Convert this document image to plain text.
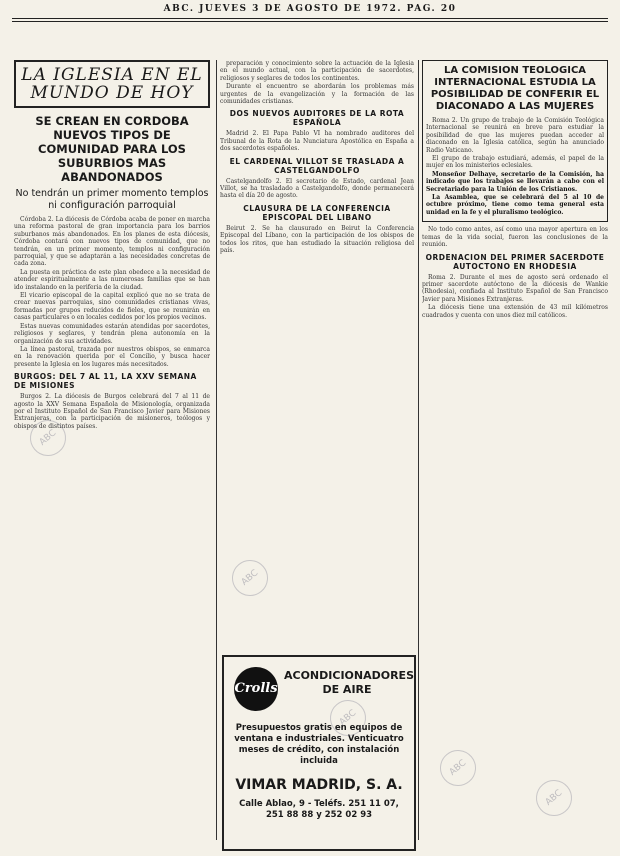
ABC. JUEVES 3 DE AGOSTO DE 1972. PAG. 20
LA IGLESIA EN EL MUNDO DE HOY
SE CREAN EN CORDOBA NUEVOS TIPOS DE COMUNIDAD PARA LOS SUBURBIOS MAS ABANDONADOS
No tendrán un primer momento templos ni configuración parroquial

Córdoba 2. La diócesis de Córdoba acaba de poner en marcha una reforma pastoral de gran importancia para los barrios suburbanos más abandonados. En los planes de esta diócesis, Córdoba contará con nuevos tipos de comunidad, que no tendrán, en un primer momento, templos ni configuración parroquial, y que se adaptarán a las necesidades concretas de cada zona.

La puesta en práctica de este plan obedece a la necesidad de atender espiritualmente a las numerosas familias que se han ido instalando en la periferia de la ciudad.

El vicario episcopal de la capital explicó que no se trata de crear nuevas parroquias, sino comunidades cristianas vivas, formadas por grupos reducidos de fieles, que se reunirán en casas particulares o en locales cedidos por los propios vecinos.

Estas nuevas comunidades estarán atendidas por sacerdotes, religiosos y seglares, y tendrán plena autonomía en la organización de sus actividades.

La línea pastoral, trazada por nuestros obispos, se enmarca en la renovación querida por el Concilio, y busca hacer presente la Iglesia en los lugares más necesitados.

BURGOS: DEL 7 AL 11, LA XXV SEMANA DE MISIONES

Burgos 2. La diócesis de Burgos celebrará del 7 al 11 de agosto la XXV Semana Española de Misionología, organizada por el Instituto Español de San Francisco Javier para Misiones Extranjeras, con la participación de misioneros, teólogos y obispos de distintos países.

preparación y conocimiento sobre la actuación de la Iglesia en el mundo actual, con la participación de sacerdotes, religiosos y seglares de todos los continentes.

Durante el encuentro se abordarán los problemas más urgentes de la evangelización y la formación de las comunidades cristianas.

DOS NUEVOS AUDITORES DE LA ROTA ESPAÑOLA

Madrid 2. El Papa Pablo VI ha nombrado auditores del Tribunal de la Rota de la Nunciatura Apostólica en España a dos sacerdotes españoles.

EL CARDENAL VILLOT SE TRASLADA A CASTELGANDOLFO

Castelgandolfo 2. El secretario de Estado, cardenal Jean Villot, se ha trasladado a Castelgandolfo, donde permanecerá hasta el día 20 de agosto.

CLAUSURA DE LA CONFERENCIA EPISCOPAL DEL LIBANO

Beirut 2. Se ha clausurado en Beirut la Conferencia Episcopal del Líbano, con la participación de los obispos de todos los ritos, que han estudiado la situación religiosa del país.

LA COMISION TEOLOGICA INTERNACIONAL ESTUDIA LA POSIBILIDAD DE CONFERIR EL DIACONADO A LAS MUJERES

Roma 2. Un grupo de trabajo de la Comisión Teológica Internacional se reunirá en breve para estudiar la posibilidad de que las mujeres puedan acceder al diaconado en la Iglesia católica, según ha anunciado Radio Vaticano.

El grupo de trabajo estudiará, además, el papel de la mujer en los ministerios eclesiales.

Monseñor Delhaye, secretario de la Comisión, ha indicado que los trabajos se llevarán a cabo con el Secretariado para la Unión de los Cristianos.

La Asamblea, que se celebrará del 5 al 10 de octubre próximo, tiene como tema general esta unidad en la fe y el pluralismo teológico.

No todo como antes, así como una mayor apertura en los temas de la vida social, fueron las conclusiones de la reunión.

ORDENACION DEL PRIMER SACERDOTE AUTOCTONO EN RHODESIA

Roma 2. Durante el mes de agosto será ordenado el primer sacerdote autóctono de la diócesis de Wankie (Rhodesia), confiada al Instituto Español de San Francisco Javier para Misiones Extranjeras.

La diócesis tiene una extensión de 43 mil kilómetros cuadrados y cuenta con unos diez mil católicos.

Crolls
ACONDICIONADORES DE AIRE
Presupuestos gratis en equipos de ventana e industriales. Venticuatro meses de crédito, con instalación incluida
VIMAR MADRID, S. A.
Calle Ablao, 9 - Teléfs. 251 11 07, 251 88 88 y 252 02 93
ABC
ABC
ABC
ABC
ABC
